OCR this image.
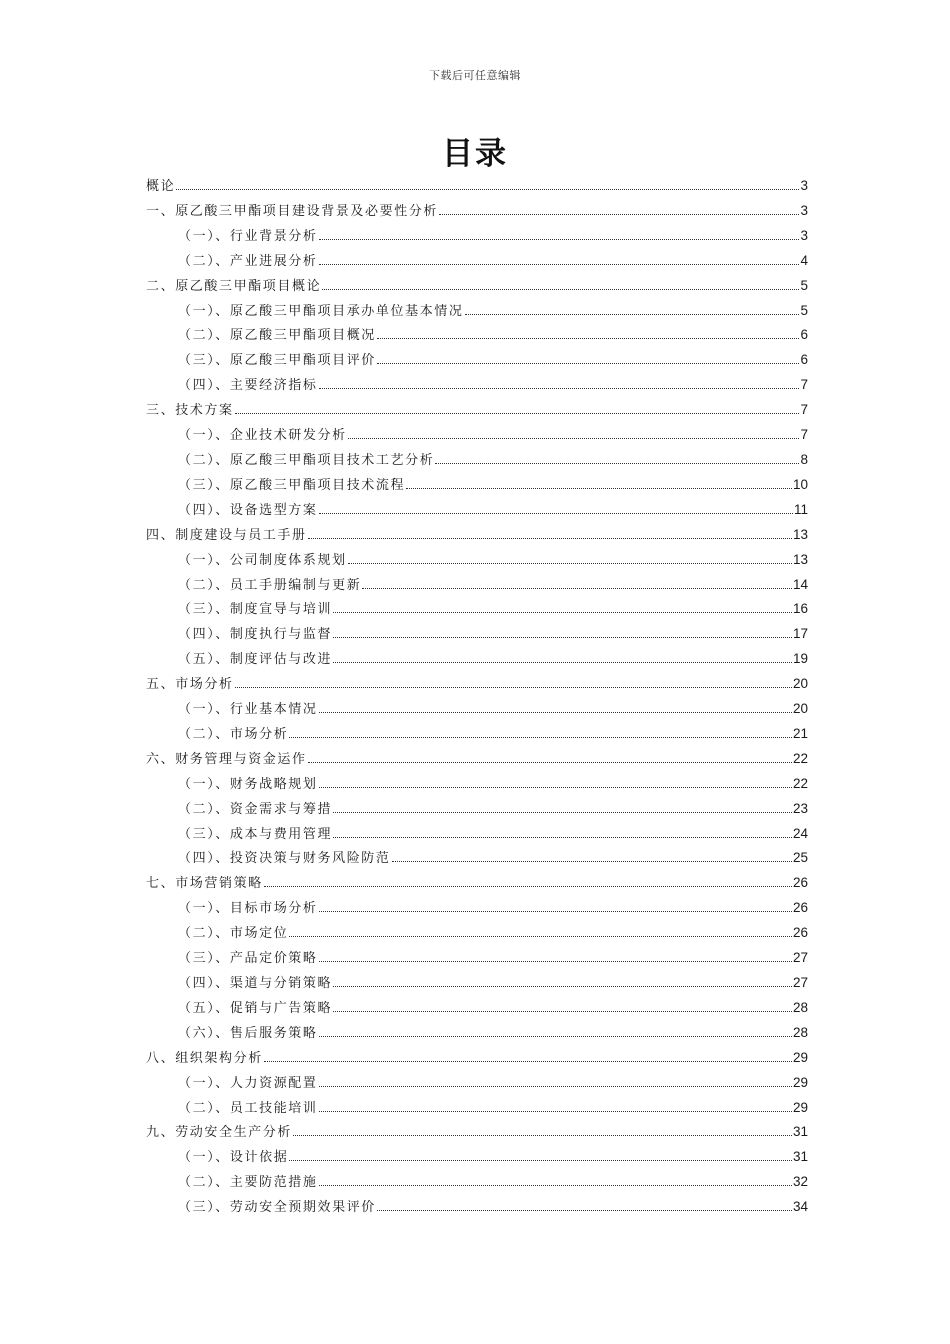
下载后可任意编辑
目录
概论	3
一、原乙酸三甲酯项目建设背景及必要性分析	3
（一）、行业背景分析	3
（二）、产业进展分析	4
二、原乙酸三甲酯项目概论	5
（一）、原乙酸三甲酯项目承办单位基本情况	5
（二）、原乙酸三甲酯项目概况	6
（三）、原乙酸三甲酯项目评价	6
（四）、主要经济指标	7
三、技术方案	7
（一）、企业技术研发分析	7
（二）、原乙酸三甲酯项目技术工艺分析	8
（三）、原乙酸三甲酯项目技术流程	10
（四）、设备选型方案	11
四、制度建设与员工手册	13
（一）、公司制度体系规划	13
（二）、员工手册编制与更新	14
（三）、制度宣导与培训	16
（四）、制度执行与监督	17
（五）、制度评估与改进	19
五、市场分析	20
（一）、行业基本情况	20
（二）、市场分析	21
六、财务管理与资金运作	22
（一）、财务战略规划	22
（二）、资金需求与筹措	23
（三）、成本与费用管理	24
（四）、投资决策与财务风险防范	25
七、市场营销策略	26
（一）、目标市场分析	26
（二）、市场定位	26
（三）、产品定价策略	27
（四）、渠道与分销策略	27
（五）、促销与广告策略	28
（六）、售后服务策略	28
八、组织架构分析	29
（一）、人力资源配置	29
（二）、员工技能培训	29
九、劳动安全生产分析	31
（一）、设计依据	31
（二）、主要防范措施	32
（三）、劳动安全预期效果评价	34
